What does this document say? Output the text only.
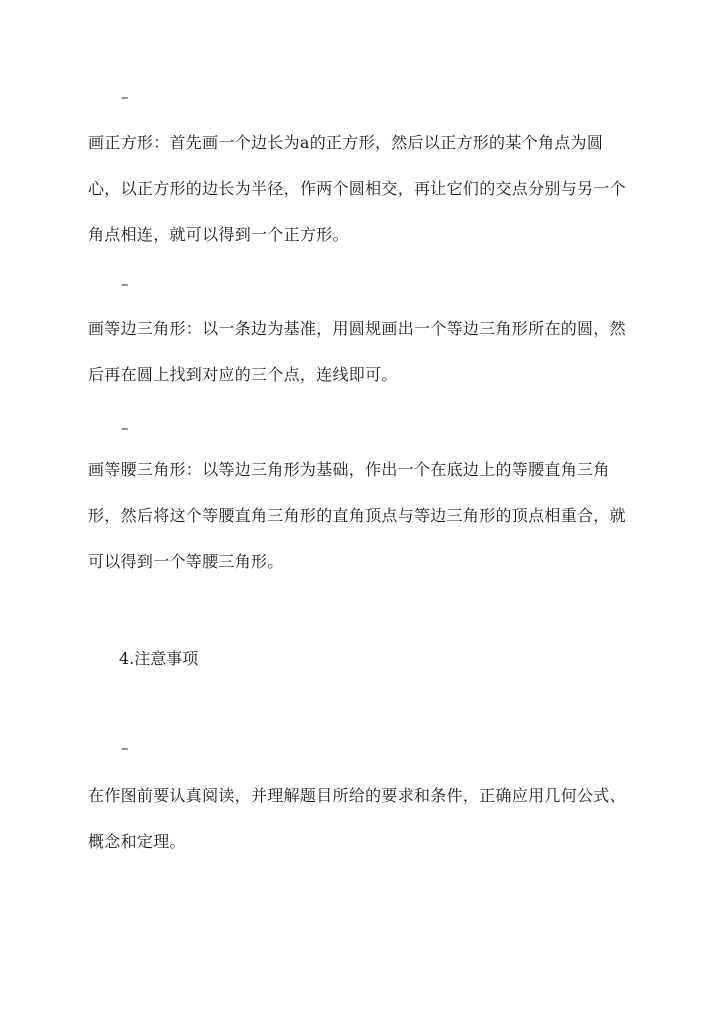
–

画正方形：首先画一个边长为a的正方形，然后以正方形的某个角点为圆心，以正方形的边长为半径，作两个圆相交，再让它们的交点分别与另一个角点相连，就可以得到一个正方形。

–

画等边三角形：以一条边为基准，用圆规画出一个等边三角形所在的圆，然后再在圆上找到对应的三个点，连线即可。

–

画等腰三角形：以等边三角形为基础，作出一个在底边上的等腰直角三角形，然后将这个等腰直角三角形的直角顶点与等边三角形的顶点相重合，就可以得到一个等腰三角形。

4.注意事项
–

在作图前要认真阅读，并理解题目所给的要求和条件，正确应用几何公式、概念和定理。
